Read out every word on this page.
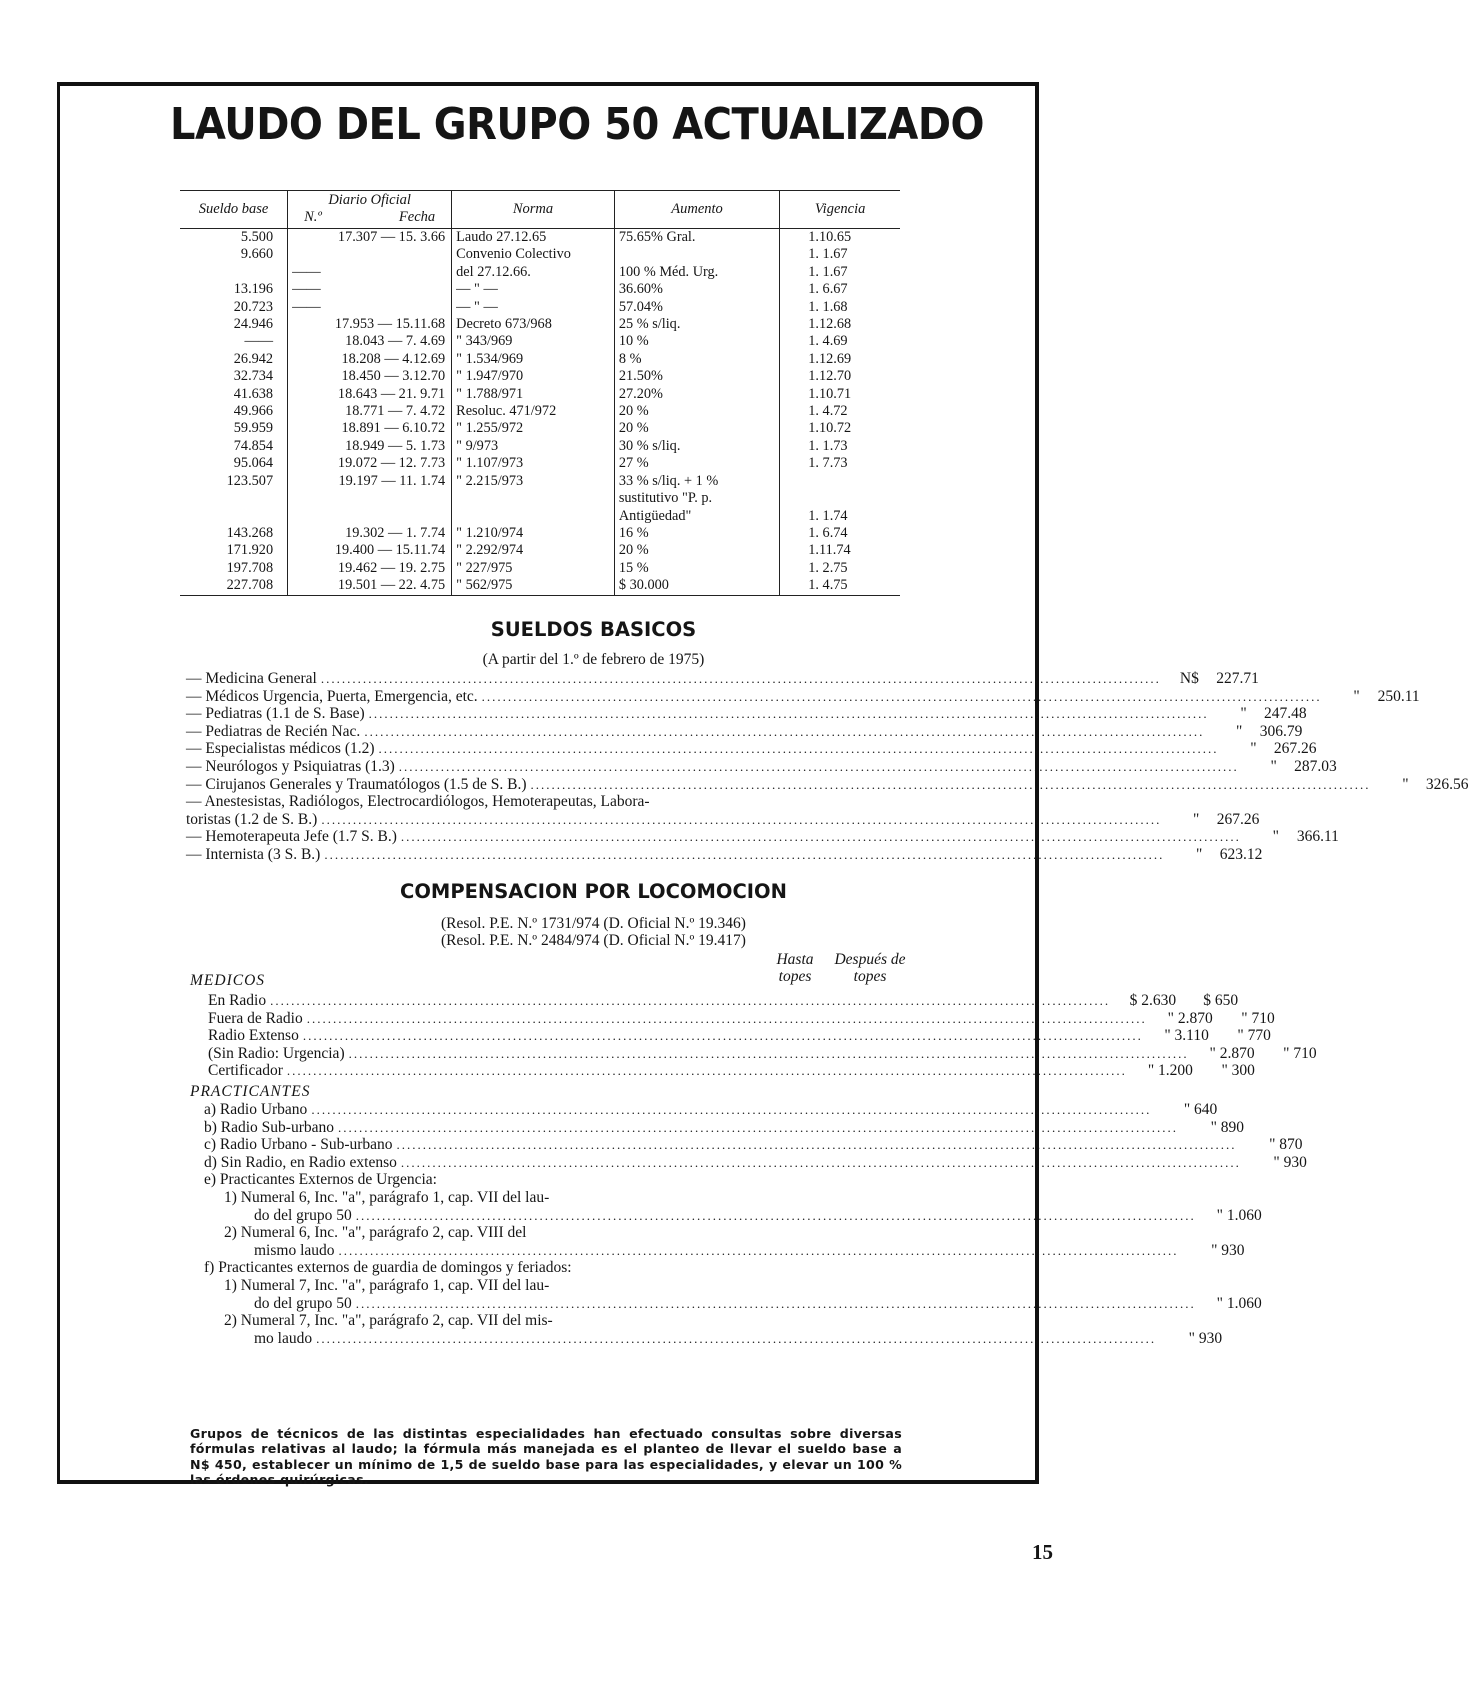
LAUDO DEL GRUPO 50 ACTUALIZADO
Sueldo base	Diario Oficial
N.º Fecha	Norma	Aumento	Vigencia
5.500	17.307 — 15. 3.66	Laudo 27.12.65	75.65% Gral.	1.10.65
9.660		Convenio Colectivo		1. 1.67
	——	del 27.12.66.	100 % Méd. Urg.	1. 1.67
13.196	——	— " —	36.60%	1. 6.67
20.723	——	— " —	57.04%	1. 1.68
24.946	17.953 — 15.11.68	Decreto 673/968	25 % s/liq.	1.12.68
——	18.043 — 7. 4.69	" 343/969	10 %	1. 4.69
26.942	18.208 — 4.12.69	" 1.534/969	8 %	1.12.69
32.734	18.450 — 3.12.70	" 1.947/970	21.50%	1.12.70
41.638	18.643 — 21. 9.71	" 1.788/971	27.20%	1.10.71
49.966	18.771 — 7. 4.72	Resoluc. 471/972	20 %	1. 4.72
59.959	18.891 — 6.10.72	" 1.255/972	20 %	1.10.72
74.854	18.949 — 5. 1.73	" 9/973	30 % s/liq.	1. 1.73
95.064	19.072 — 12. 7.73	" 1.107/973	27 %	1. 7.73
123.507	19.197 — 11. 1.74	" 2.215/973	33 % s/liq. + 1 % sustitutivo "P. p. Antigüedad"	1. 1.74
143.268	19.302 — 1. 7.74	" 1.210/974	16 %	1. 6.74
171.920	19.400 — 15.11.74	" 2.292/974	20 %	1.11.74
197.708	19.462 — 19. 2.75	" 227/975	15 %	1. 2.75
227.708	19.501 — 22. 4.75	" 562/975	$ 30.000	1. 4.75
SUELDOS BASICOS
(A partir del 1.º de febrero de 1975)
— Medicina General ................................................................................................................................................................	N$	227.71
— Médicos Urgencia, Puerta, Emergencia, etc. ................................................................................................................................................................	"	250.11
— Pediatras (1.1 de S. Base) ................................................................................................................................................................	"	247.48
— Pediatras de Recién Nac. ................................................................................................................................................................	"	306.79
— Especialistas médicos (1.2) ................................................................................................................................................................	"	267.26
— Neurólogos y Psiquiatras (1.3) ................................................................................................................................................................	"	287.03
— Cirujanos Generales y Traumatólogos (1.5 de S. B.) ................................................................................................................................................................	"	326.56
— Anestesistas, Radiólogos, Electrocardiólogos, Hemoterapeutas, Labora-
toristas (1.2 de S. B.) ................................................................................................................................................................	"	267.26
— Hemoterapeuta Jefe (1.7 S. B.) ................................................................................................................................................................	"	366.11
— Internista (3 S. B.) ................................................................................................................................................................	"	623.12
COMPENSACION POR LOCOMOCION
(Resol. P.E. N.º 1731/974 (D. Oficial N.º 19.346)
(Resol. P.E. N.º 2484/974 (D. Oficial N.º 19.417)
Hasta topes
Después de topes
MEDICOS
En Radio ................................................................................................................................................................	$ 2.630	$ 650
Fuera de Radio ................................................................................................................................................................	" 2.870	" 710
Radio Extenso ................................................................................................................................................................	" 3.110	" 770
(Sin Radio: Urgencia) ................................................................................................................................................................	" 2.870	" 710
Certificador ................................................................................................................................................................	" 1.200	" 300
PRACTICANTES
a) Radio Urbano ................................................................................................................................................................	" 640
b) Radio Sub-urbano ................................................................................................................................................................	" 890
c) Radio Urbano - Sub-urbano ................................................................................................................................................................	" 870
d) Sin Radio, en Radio extenso ................................................................................................................................................................	" 930
e) Practicantes Externos de Urgencia:
1) Numeral 6, Inc. "a", parágrafo 1, cap. VII del lau-
do del grupo 50 ................................................................................................................................................................	" 1.060
2) Numeral 6, Inc. "a", parágrafo 2, cap. VIII del
mismo laudo ................................................................................................................................................................	" 930
f) Practicantes externos de guardia de domingos y feriados:
1) Numeral 7, Inc. "a", parágrafo 1, cap. VII del lau-
do del grupo 50 ................................................................................................................................................................	" 1.060
2) Numeral 7, Inc. "a", parágrafo 2, cap. VII del mis-
mo laudo ................................................................................................................................................................	" 930
Grupos de técnicos de las distintas especialidades han efectuado consultas sobre diversas fórmulas relativas al laudo; la fórmula más manejada es el planteo de llevar el sueldo base a N$ 450, establecer un mínimo de 1,5 de sueldo base para las especialidades, y elevar un 100 % las órdenes quirúrgicas.
15
